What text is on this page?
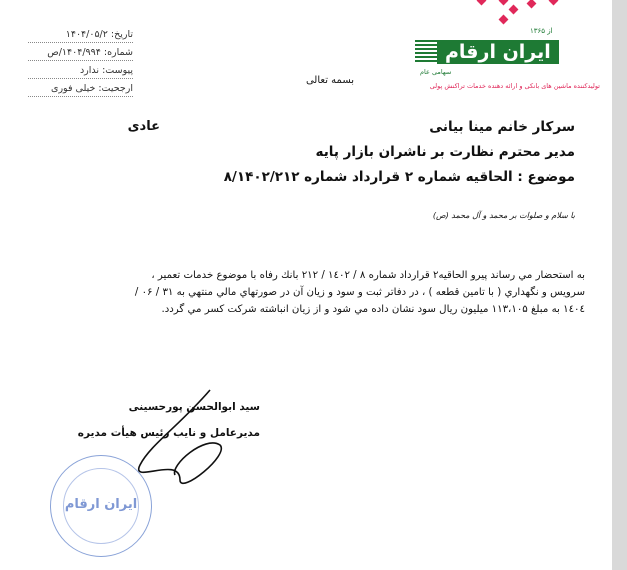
تاریخ: ۱۴۰۴/۰۵/۲
شماره: ۱۴۰۴/۹۹۴/ص
پیوست: ندارد
ارجحیت: خیلی فوری
از ۱۳۶۵
ایران ارقام
سهامی عام
تولیدکننده ماشین های بانکی و ارائه دهنده خدمات تراکنش پولی
بسمه تعالی
سرکار خانم مینا بیانی
عادی
مدیر محترم نظارت بر ناشران بازار پایه
موضوع : الحاقیه شماره ۲ قرارداد شماره ۸/۱۴۰۲/۲۱۲
با سلام و صلوات بر محمد و آل محمد (ص)
به استحضار مي رساند پيرو الحاقيه۲ قرارداد شماره ۸ / ۱٤۰۲ / ۲۱۲ بانك رفاه با موضوع خدمات تعمير ،
سرويس و نگهداري ( با تامين قطعه ) ، در دفاتر ثبت و سود و زيان آن در صورتهاي مالي منتهي به ۳۱ / ۰۶ /
۱٤۰٤ به مبلغ ۱۱۳،۱۰۵ ميليون ريال سود نشان داده مي شود و از زيان انباشته شركت كسر مي گردد.
سید ابوالحسن پورحسینی
مدیرعامل و نایب رئیس هیأت مدیره
ایران ارقام
